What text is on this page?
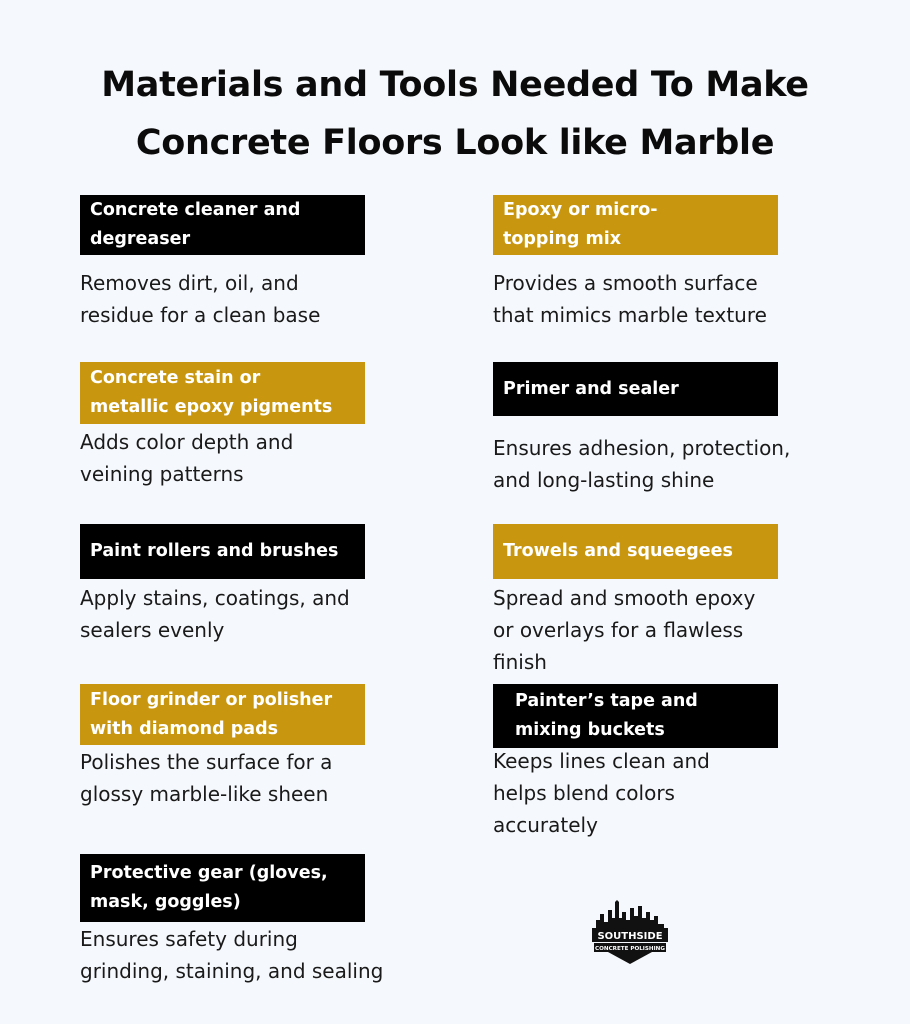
Materials and Tools Needed To Make
Concrete Floors Look like Marble
Concrete cleaner and
degreaser

Removes dirt, oil, and
residue for a clean base

Concrete stain or
metallic epoxy pigments

Adds color depth and
veining patterns

Paint rollers and brushes

Apply stains, coatings, and
sealers evenly

Floor grinder or polisher
with diamond pads

Polishes the surface for a
glossy marble-like sheen

Protective gear (gloves,
mask, goggles)

Ensures safety during
grinding, staining, and sealing

Epoxy or micro-
topping mix

Provides a smooth surface
that mimics marble texture

Primer and sealer

Ensures adhesion, protection,
and long-lasting shine

Trowels and squeegees

Spread and smooth epoxy
or overlays for a flawless
finish

Painter’s tape and
mixing buckets

Keeps lines clean and
helps blend colors
accurately

SOUTHSIDE
CONCRETE POLISHING
